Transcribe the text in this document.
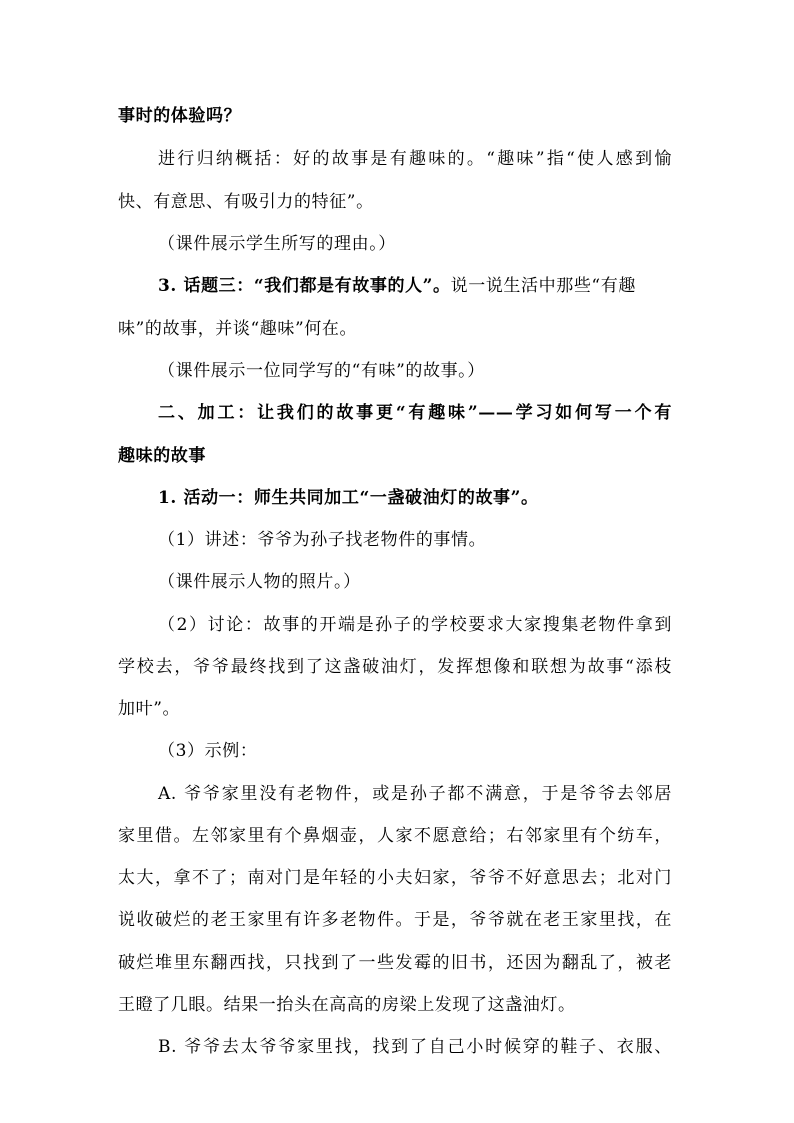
事时的体验吗？
进行归纳概括：好的故事是有趣味的。“趣味”指“使人感到愉
快、有意思、有吸引力的特征”。
（课件展示学生所写的理由。）
3. 话题三：“我们都是有故事的人”。说一说生活中那些“有趣
味”的故事，并谈“趣味”何在。
（课件展示一位同学写的“有味”的故事。）
二、加工：让我们的故事更“有趣味”——学习如何写一个有
趣味的故事
1. 活动一：师生共同加工“一盏破油灯的故事”。
（1）讲述：爷爷为孙子找老物件的事情。
（课件展示人物的照片。）
（2）讨论：故事的开端是孙子的学校要求大家搜集老物件拿到
学校去，爷爷最终找到了这盏破油灯，发挥想像和联想为故事“添枝
加叶”。
（3）示例：
A. 爷爷家里没有老物件，或是孙子都不满意，于是爷爷去邻居
家里借。左邻家里有个鼻烟壶，人家不愿意给；右邻家里有个纺车，
太大，拿不了；南对门是年轻的小夫妇家，爷爷不好意思去；北对门
说收破烂的老王家里有许多老物件。于是，爷爷就在老王家里找，在
破烂堆里东翻西找，只找到了一些发霉的旧书，还因为翻乱了，被老
王瞪了几眼。结果一抬头在高高的房梁上发现了这盏油灯。
B. 爷爷去太爷爷家里找，找到了自己小时候穿的鞋子、衣服、
